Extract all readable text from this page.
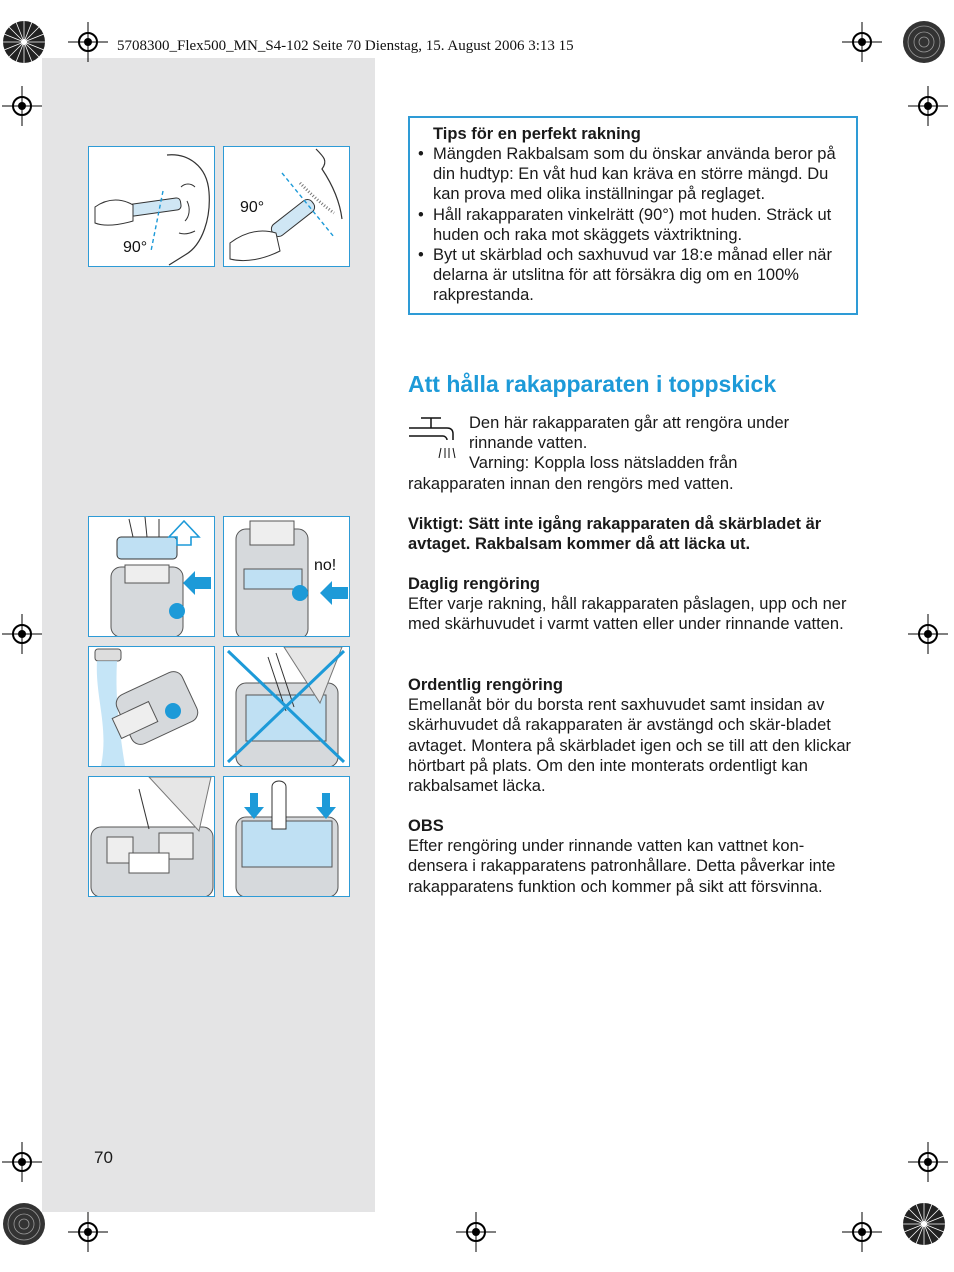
5708300_Flex500_MN_S4-102 Seite 70 Dienstag, 15. August 2006 3:13 15
90°
90°
Tips för en perfekt rakning
• Mängden Rakbalsam som du önskar använda beror på din hudtyp: En våt hud kan kräva en större mängd. Du kan prova med olika inställningar på reglaget.
• Håll rakapparaten vinkelrätt (90°) mot huden. Sträck ut huden och raka mot skäggets växtriktning.
• Byt ut skärblad och saxhuvud var 18:e månad eller när delarna är utslitna för att försäkra dig om en 100% rakprestanda.
Att hålla rakapparaten i toppskick
Den här rakapparaten går att rengöra under
rinnande vatten.
Varning: Koppla loss nätsladden från
rakapparaten innan den rengörs med vatten.
Viktigt: Sätt inte igång rakapparaten då skärbladet är avtaget. Rakbalsam kommer då att läcka ut.
Daglig rengöring
Efter varje rakning, håll rakapparaten påslagen, upp och ner med skärhuvudet i varmt vatten eller under rinnande vatten.
Ordentlig rengöring
Emellanåt bör du borsta rent saxhuvudet samt insidan av skärhuvudet då rakapparaten är avstängd och skär-bladet avtaget. Montera på skärbladet igen och se till att den klickar hörtbart på plats. Om den inte monterats ordentligt kan rakbalsamet läcka.
OBS
Efter rengöring under rinnande vatten kan vattnet kon-densera i rakapparatens patronhållare. Detta påverkar inte rakapparatens funktion och kommer på sikt att försvinna.
no!
70
